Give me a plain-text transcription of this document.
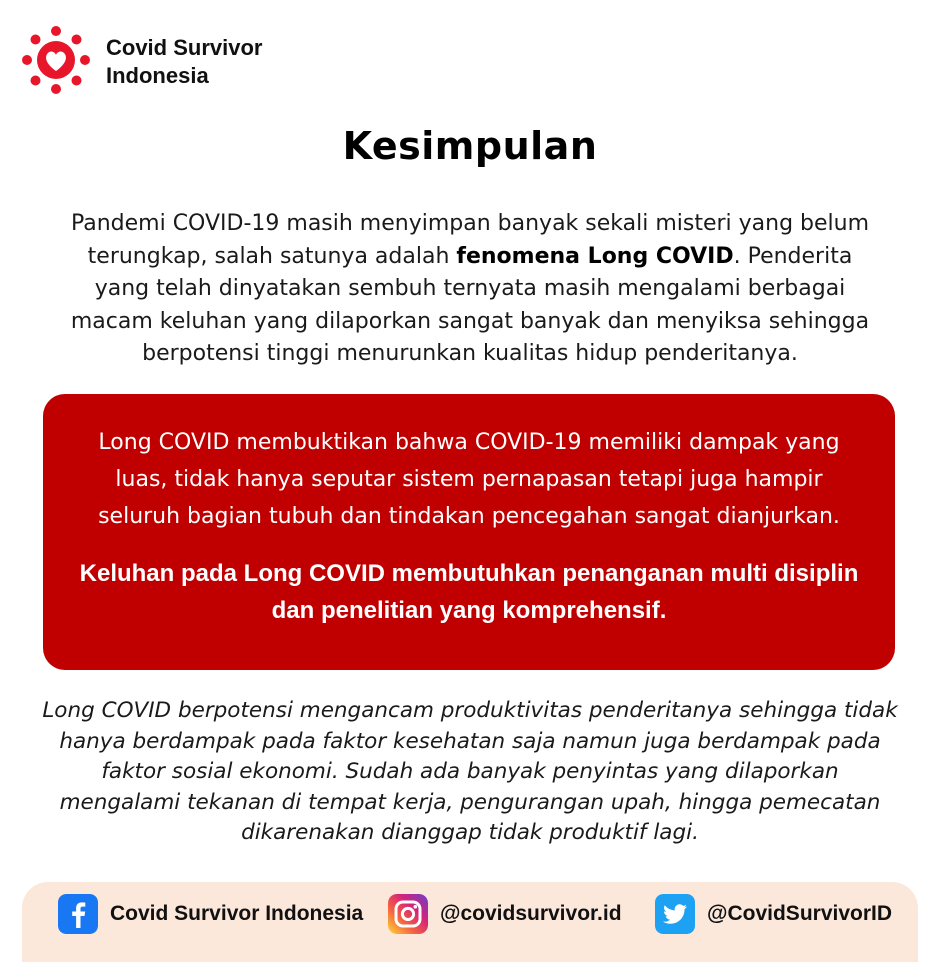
Covid Survivor
Indonesia
Kesimpulan
Pandemi COVID-19 masih menyimpan banyak sekali misteri yang belum terungkap, salah satunya adalah fenomena Long COVID. Penderita yang telah dinyatakan sembuh ternyata masih mengalami berbagai macam keluhan yang dilaporkan sangat banyak dan menyiksa sehingga berpotensi tinggi menurunkan kualitas hidup penderitanya.

Long COVID membuktikan bahwa COVID-19 memiliki dampak yang luas, tidak hanya seputar sistem pernapasan tetapi juga hampir seluruh bagian tubuh dan tindakan pencegahan sangat dianjurkan.

Keluhan pada Long COVID membutuhkan penanganan multi disiplin dan penelitian yang komprehensif.

Long COVID berpotensi mengancam produktivitas penderitanya sehingga tidak hanya berdampak pada faktor kesehatan saja namun juga berdampak pada faktor sosial ekonomi. Sudah ada banyak penyintas yang dilaporkan mengalami tekanan di tempat kerja, pengurangan upah, hingga pemecatan dikarenakan dianggap tidak produktif lagi.
Covid Survivor Indonesia	@covidsurvivor.id	@CovidSurvivorID
